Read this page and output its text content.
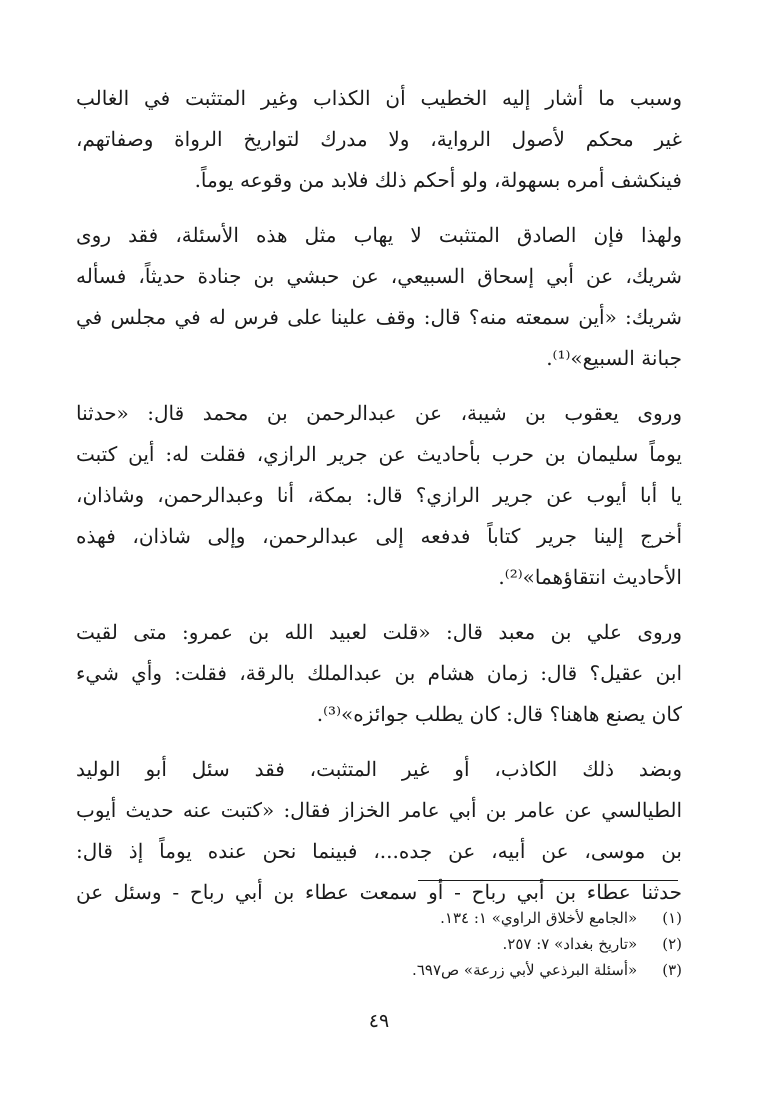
وسبب ما أشار إليه الخطيب أن الكذاب وغير المتثبت في الغالب
غير محكم لأصول الرواية، ولا مدرك لتواريخ الرواة وصفاتهم،
فينكشف أمره بسهولة، ولو أحكم ذلك فلابد من وقوعه يوماً.

ولهذا فإن الصادق المتثبت لا يهاب مثل هذه الأسئلة، فقد روى
شريك، عن أبي إسحاق السبيعي، عن حبشي بن جنادة حديثاً، فسأله
شريك: «أين سمعته منه؟ قال: وقف علينا على فرس له في مجلس في
جبانة السبيع»⁽¹⁾.

وروى يعقوب بن شيبة، عن عبدالرحمن بن محمد قال: «حدثنا
يوماً سليمان بن حرب بأحاديث عن جرير الرازي، فقلت له: أين كتبت
يا أبا أيوب عن جرير الرازي؟ قال: بمكة، أنا وعبدالرحمن، وشاذان،
أخرج إلينا جرير كتاباً فدفعه إلى عبدالرحمن، وإلى شاذان، فهذه
الأحاديث انتقاؤهما»⁽²⁾.

وروى علي بن معبد قال: «قلت لعبيد الله بن عمرو: متى لقيت
ابن عقيل؟ قال: زمان هشام بن عبدالملك بالرقة، فقلت: وأي شيء
كان يصنع هاهنا؟ قال: كان يطلب جوائزه»⁽³⁾.

وبضد ذلك الكاذب، أو غير المتثبت، فقد سئل أبو الوليد
الطيالسي عن عامر بن أبي عامر الخزاز فقال: «كتبت عنه حديث أيوب
بن موسى، عن أبيه، عن جده...، فبينما نحن عنده يوماً إذ قال:
حدثنا عطاء بن أبي رباح - أو سمعت عطاء بن أبي رباح - وسئل عن

(١) «الجامع لأخلاق الراوي» ١: ١٣٤.
(٢) «تاريخ بغداد» ٧: ٢٥٧.
(٣) «أسئلة البرذعي لأبي زرعة» ص٦٩٧.
٤٩
